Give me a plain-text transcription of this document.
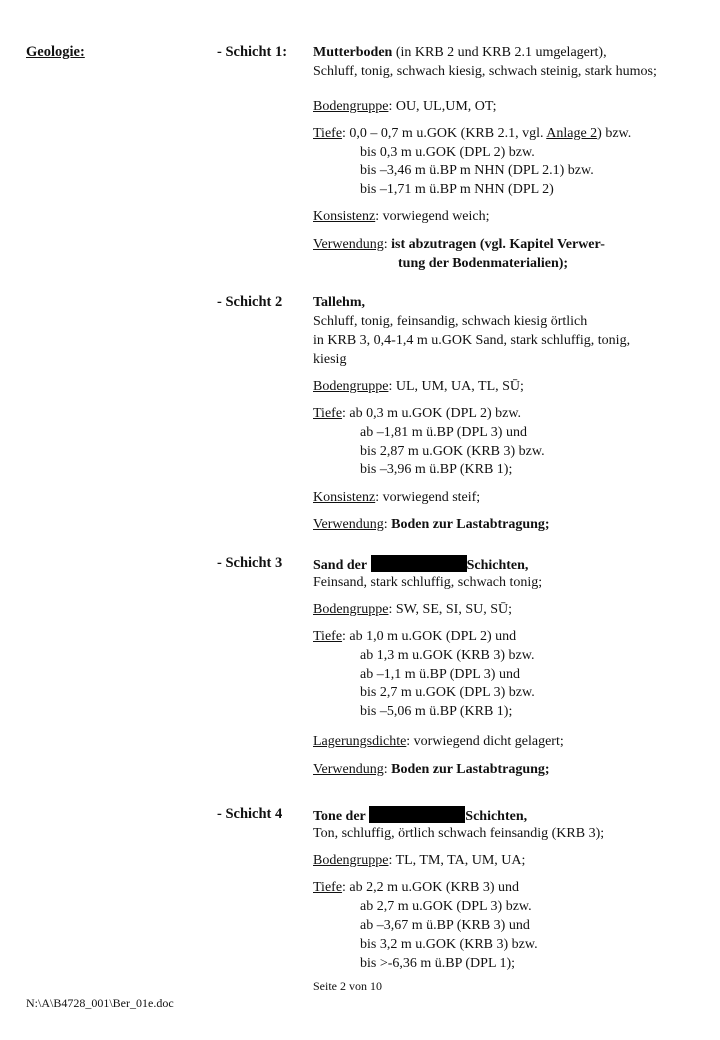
Geologie:	- Schicht 1: Mutterboden (in KRB 2 und KRB 2.1 umgelagert),
Schluff, tonig, schwach kiesig, schwach steinig, stark humos;
Bodengruppe: OU, UL,UM, OT;
Tiefe: 0,0 – 0,7 m u.GOK (KRB 2.1, vgl. Anlage 2) bzw.
bis 0,3 m u.GOK (DPL 2) bzw.
bis –3,46 m ü.BP m NHN (DPL 2.1) bzw.
bis –1,71 m ü.BP m NHN (DPL 2)
Konsistenz: vorwiegend weich;
Verwendung: ist abzutragen (vgl. Kapitel Verwer-
tung der Bodenmaterialien);
- Schicht 2 Tallehm,
Schluff, tonig, feinsandig, schwach kiesig örtlich
in KRB 3, 0,4-1,4 m u.GOK Sand, stark schluffig, tonig,
kiesig
Bodengruppe: UL, UM, UA, TL, SŪ;
Tiefe: ab 0,3 m u.GOK (DPL 2) bzw.
ab –1,81 m ü.BP (DPL 3) und
bis 2,87 m u.GOK (KRB 3) bzw.
bis –3,96 m ü.BP (KRB 1);
Konsistenz: vorwiegend steif;
Verwendung: Boden zur Lastabtragung;
- Schicht 3 Sand der	Schichten,
Feinsand, stark schluffig, schwach tonig;
Bodengruppe: SW, SE, SI, SU, SŪ;
Tiefe: ab 1,0 m u.GOK (DPL 2) und
ab 1,3 m u.GOK (KRB 3) bzw.
ab –1,1 m ü.BP (DPL 3) und
bis 2,7 m u.GOK (DPL 3) bzw.
bis –5,06 m ü.BP (KRB 1);
Lagerungsdichte: vorwiegend dicht gelagert;
Verwendung: Boden zur Lastabtragung;
- Schicht 4 Tone der	Schichten,
Ton, schluffig, örtlich schwach feinsandig (KRB 3);
Bodengruppe: TL, TM, TA, UM, UA;
Tiefe: ab 2,2 m u.GOK (KRB 3) und
ab 2,7 m u.GOK (DPL 3) bzw.
ab –3,67 m ü.BP (KRB 3) und
bis 3,2 m u.GOK (KRB 3) bzw.
bis >-6,36 m ü.BP (DPL 1);
Seite 2 von 10
N:\A\B4728_001\Ber_01e.doc
